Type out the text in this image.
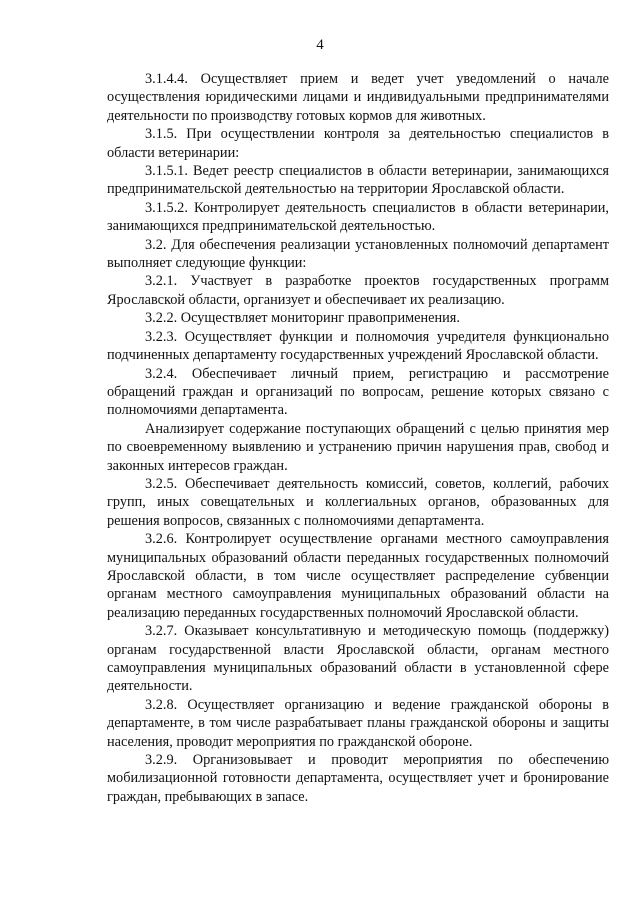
4

3.1.4.4. Осуществляет прием и ведет учет уведомлений о начале осуществления юридическими лицами и индивидуальными предпринимателями деятельности по производству готовых кормов для животных.

3.1.5. При осуществлении контроля за деятельностью специалистов в области ветеринарии:

3.1.5.1. Ведет реестр специалистов в области ветеринарии, занимающихся предпринимательской деятельностью на территории Ярославской области.

3.1.5.2. Контролирует деятельность специалистов в области ветеринарии, занимающихся предпринимательской деятельностью.

3.2. Для обеспечения реализации установленных полномочий департамент выполняет следующие функции:

3.2.1. Участвует в разработке проектов государственных программ Ярославской области, организует и обеспечивает их реализацию.

3.2.2. Осуществляет мониторинг правоприменения.

3.2.3. Осуществляет функции и полномочия учредителя функционально подчиненных департаменту государственных учреждений Ярославской области.

3.2.4. Обеспечивает личный прием, регистрацию и рассмотрение обращений граждан и организаций по вопросам, решение которых связано с полномочиями департамента.

Анализирует содержание поступающих обращений с целью принятия мер по своевременному выявлению и устранению причин нарушения прав, свобод и законных интересов граждан.

3.2.5. Обеспечивает деятельность комиссий, советов, коллегий, рабочих групп, иных совещательных и коллегиальных органов, образованных для решения вопросов, связанных с полномочиями департамента.

3.2.6. Контролирует осуществление органами местного самоуправления муниципальных образований области переданных государственных полномочий Ярославской области, в том числе осуществляет распределение субвенции органам местного самоуправления муниципальных образований области на реализацию переданных государственных полномочий Ярославской области.

3.2.7. Оказывает консультативную и методическую помощь (поддержку) органам государственной власти Ярославской области, органам местного самоуправления муниципальных образований области в установленной сфере деятельности.

3.2.8. Осуществляет организацию и ведение гражданской обороны в департаменте, в том числе разрабатывает планы гражданской обороны и защиты населения, проводит мероприятия по гражданской обороне.

3.2.9. Организовывает и проводит мероприятия по обеспечению мобилизационной готовности департамента, осуществляет учет и бронирование граждан, пребывающих в запасе.
